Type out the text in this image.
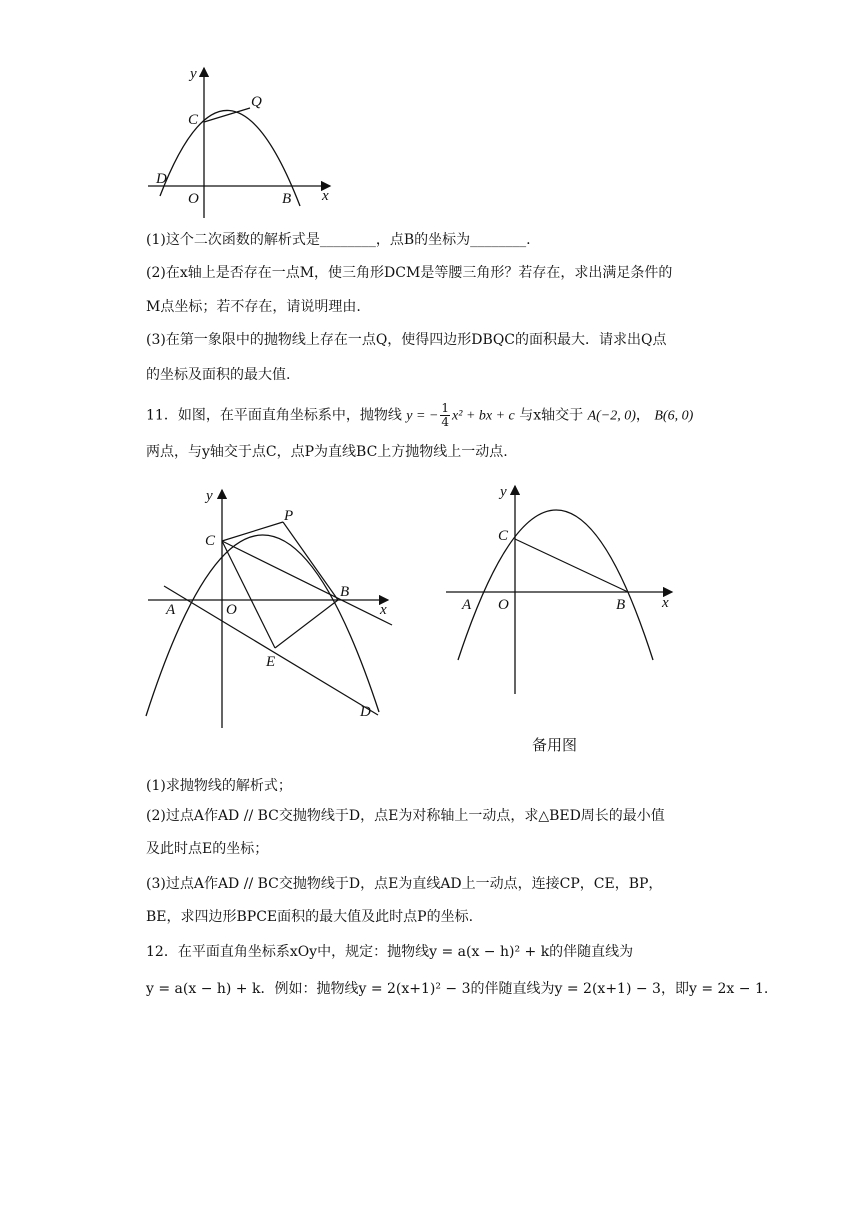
y
x
C
Q
D
O	B
(1)这个二次函数的解析式是________，点B的坐标为________.
(2)在x轴上是否存在一点M，使三角形DCM是等腰三角形？若存在，求出满足条件的
M点坐标；若不存在，请说明理由.
(3)在第一象限中的抛物线上存在一点Q，使得四边形DBQC的面积最大．请求出Q点
的坐标及面积的最大值.
11．如图，在平面直角坐标系中，抛物线 y = − $\frac{1}{4} x^2$ + bx + c 与x轴交于 A(−2, 0)， B(6, 0)
两点，与y轴交于点C，点P为直线BC上方抛物线上一动点.
y
x
C
P
A	O
B
E
D
y
x
C
A O	B
备用图
(1)求抛物线的解析式；
(2)过点A作AD // BC交抛物线于D，点E为对称轴上一动点，求△BED周长的最小值
及此时点E的坐标；
(3)过点A作AD // BC交抛物线于D，点E为直线AD上一动点，连接CP，CE，BP，
BE，求四边形BPCE面积的最大值及此时点P的坐标.
12．在平面直角坐标系xOy中，规定：抛物线y = a(x − h)² + k的伴随直线为
y = a(x − h) + k．例如：抛物线y = 2(x+1)² − 3的伴随直线为y = 2(x+1) − 3，即y = 2x − 1.
